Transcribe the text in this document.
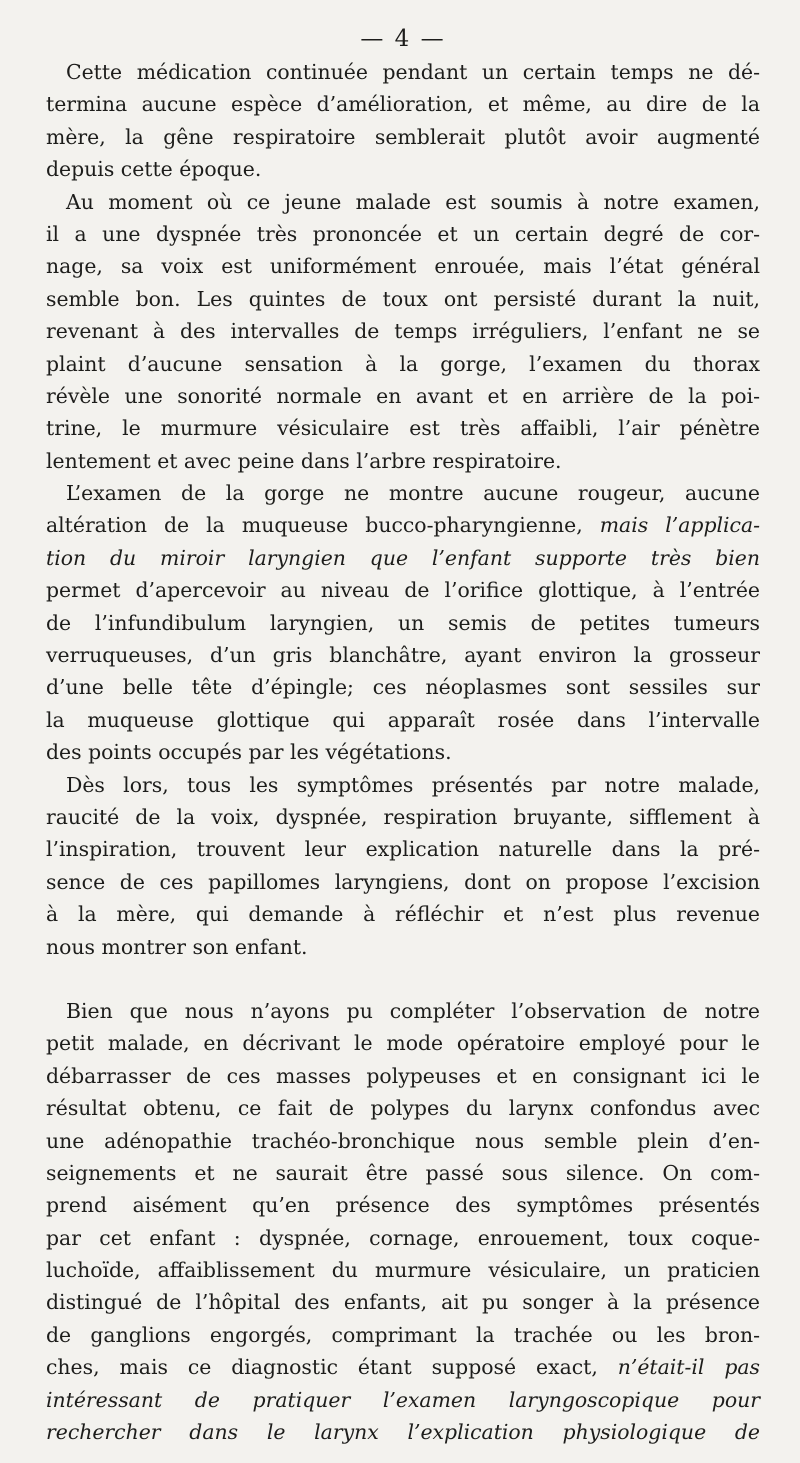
— 4 —
Cette médication continuée pendant un certain temps ne dé-
termina aucune espèce d’amélioration, et même, au dire de la
mère, la gêne respiratoire semblerait plutôt avoir augmenté
depuis cette époque.
Au moment où ce jeune malade est soumis à notre examen,
il a une dyspnée très prononcée et un certain degré de cor-
nage, sa voix est uniformément enrouée, mais l’état général
semble bon. Les quintes de toux ont persisté durant la nuit,
revenant à des intervalles de temps irréguliers, l’enfant ne se
plaint d’aucune sensation à la gorge, l’examen du thorax
révèle une sonorité normale en avant et en arrière de la poi-
trine, le murmure vésiculaire est très affaibli, l’air pénètre
lentement et avec peine dans l’arbre respiratoire.
L’examen de la gorge ne montre aucune rougeur, aucune
altération de la muqueuse bucco-pharyngienne, mais l’applica-
tion du miroir laryngien que l’enfant supporte très bien
permet d’apercevoir au niveau de l’orifice glottique, à l’entrée
de l’infundibulum laryngien, un semis de petites tumeurs
verruqueuses, d’un gris blanchâtre, ayant environ la grosseur
d’une belle tête d’épingle; ces néoplasmes sont sessiles sur
la muqueuse glottique qui apparaît rosée dans l’intervalle
des points occupés par les végétations.
Dès lors, tous les symptômes présentés par notre malade,
raucité de la voix, dyspnée, respiration bruyante, sifflement à
l’inspiration, trouvent leur explication naturelle dans la pré-
sence de ces papillomes laryngiens, dont on propose l’excision
à la mère, qui demande à réfléchir et n’est plus revenue
nous montrer son enfant.
Bien que nous n’ayons pu compléter l’observation de notre
petit malade, en décrivant le mode opératoire employé pour le
débarrasser de ces masses polypeuses et en consignant ici le
résultat obtenu, ce fait de polypes du larynx confondus avec
une adénopathie trachéo-bronchique nous semble plein d’en-
seignements et ne saurait être passé sous silence. On com-
prend aisément qu’en présence des symptômes présentés
par cet enfant : dyspnée, cornage, enrouement, toux coque-
luchoïde, affaiblissement du murmure vésiculaire, un praticien
distingué de l’hôpital des enfants, ait pu songer à la présence
de ganglions engorgés, comprimant la trachée ou les bron-
ches, mais ce diagnostic étant supposé exact, n’était-il pas
intéressant de pratiquer l’examen laryngoscopique pour
rechercher dans le larynx l’explication physiologique de
